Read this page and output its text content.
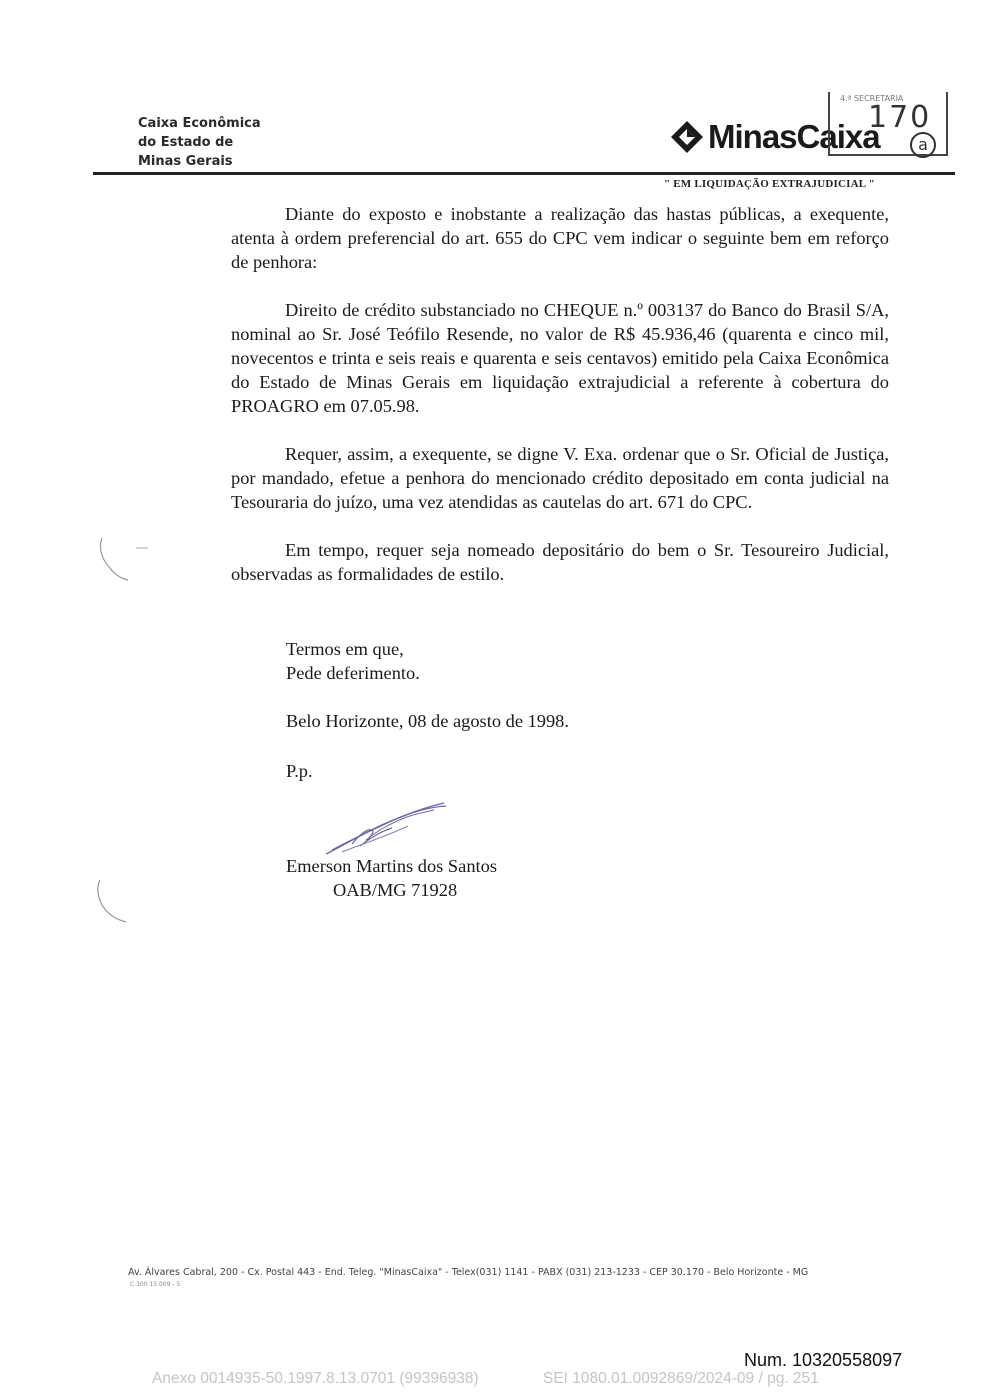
Caixa Econômica
do Estado de
Minas Gerais
MinasCaixa
4.ª SECRETARIA
170
a
" EM LIQUIDAÇÃO EXTRAJUDICIAL "

Diante do exposto e inobstante a realização das hastas públicas, a exequente, atenta à ordem preferencial do art. 655 do CPC vem indicar o seguinte bem em reforço de penhora:

Direito de crédito substanciado no CHEQUE n.º 003137 do Banco do Brasil S/A, nominal ao Sr. José Teófilo Resende, no valor de R$ 45.936,46 (quarenta e cinco mil, novecentos e trinta e seis reais e quarenta e seis centavos) emitido pela Caixa Econômica do Estado de Minas Gerais em liquidação extrajudicial a referente à cobertura do PROAGRO em 07.05.98.

Requer, assim, a exequente, se digne V. Exa. ordenar que o Sr. Oficial de Justiça, por mandado, efetue a penhora do mencionado crédito depositado em conta judicial na Tesouraria do juízo, uma vez atendidas as cautelas do art. 671 do CPC.

Em tempo, requer seja nomeado depositário do bem o Sr. Tesoureiro Judicial, observadas as formalidades de estilo.

Termos em que,
Pede deferimento.
Belo Horizonte, 08 de agosto de 1998.
P.p.
Emerson Martins dos Santos
OAB/MG 71928
Av. Álvares Cabral, 200 - Cx. Postal 443 - End. Teleg. "MinasCaixa" - Telex(031) 1141 - PABX (031) 213-1233 - CEP 30.170 - Belo Horizonte - MG
C.300 15.009 - 5
Num. 10320558097
Anexo 0014935-50.1997.8.13.0701 (99396938)	SEI 1080.01.0092869/2024-09 / pg. 251
